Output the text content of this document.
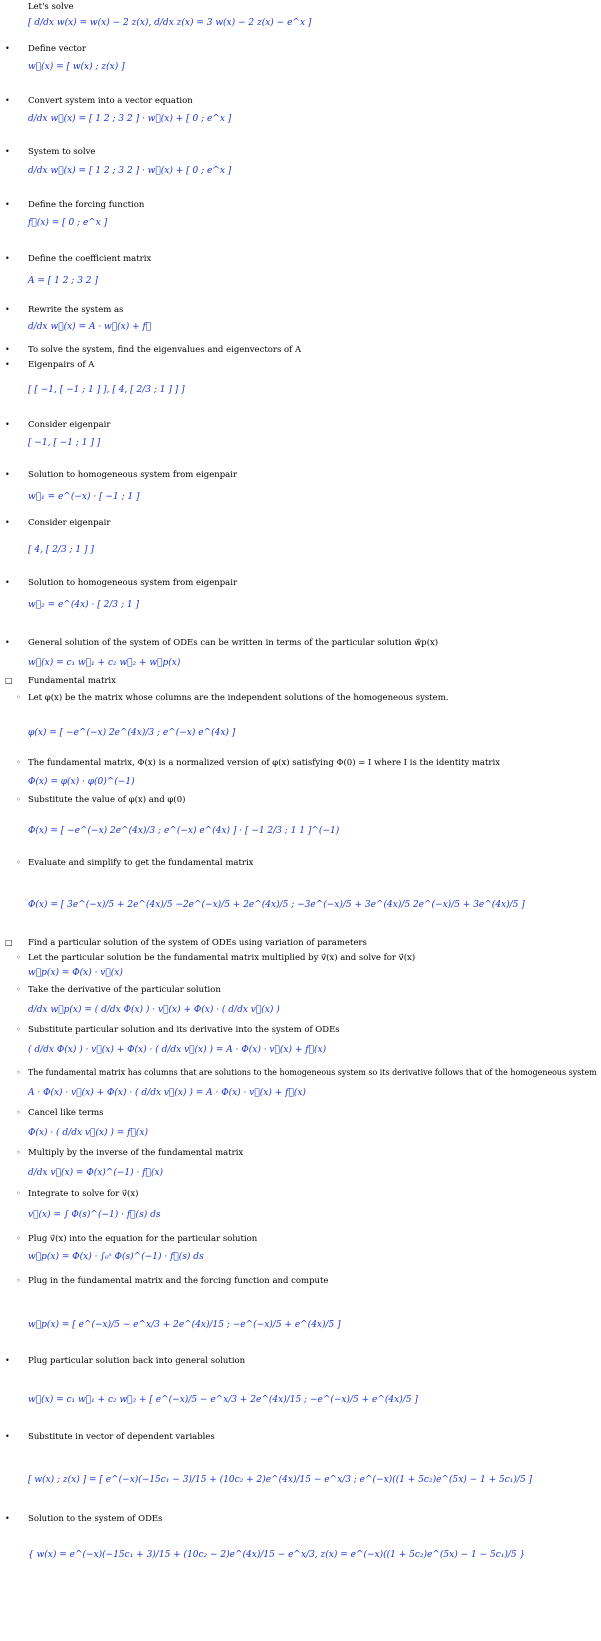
Let's solve
[ d/dx w(x) = w(x) − 2 z(x), d/dx z(x) = 3 w(x) − 2 z(x) − e^x ]
• Define vector
w⃗(x) = [ w(x) ; z(x) ]
• Convert system into a vector equation
d/dx w⃗(x) = [ 1 2 ; 3 2 ] · w⃗(x) + [ 0 ; e^x ]
• System to solve
d/dx w⃗(x) = [ 1 2 ; 3 2 ] · w⃗(x) + [ 0 ; e^x ]
• Define the forcing function
f⃗(x) = [ 0 ; e^x ]
• Define the coefficient matrix
A = [ 1 2 ; 3 2 ]
• Rewrite the system as
d/dx w⃗(x) = A · w⃗(x) + f⃗
• To solve the system, find the eigenvalues and eigenvectors of A
• Eigenpairs of A
[ [ −1, [ −1 ; 1 ] ], [ 4, [ 2/3 ; 1 ] ] ]
• Consider eigenpair
[ −1, [ −1 ; 1 ] ]
• Solution to homogeneous system from eigenpair
w⃗₁ = e^(−x) · [ −1 ; 1 ]
• Consider eigenpair
[ 4, [ 2/3 ; 1 ] ]
• Solution to homogeneous system from eigenpair
w⃗₂ = e^(4x) · [ 2/3 ; 1 ]
• General solution of the system of ODEs can be written in terms of the particular solution w⃗p(x)
w⃗(x) = c₁ w⃗₁ + c₂ w⃗₂ + w⃗p(x)
□ Fundamental matrix
◦ Let φ(x) be the matrix whose columns are the independent solutions of the homogeneous system.
φ(x) = [ −e^(−x) 2e^(4x)/3 ; e^(−x) e^(4x) ]
◦ The fundamental matrix, Φ(x) is a normalized version of φ(x) satisfying Φ(0) = I where I is the identity matrix
Φ(x) = φ(x) · φ(0)^(−1)
◦ Substitute the value of φ(x) and φ(0)
Φ(x) = [ −e^(−x) 2e^(4x)/3 ; e^(−x) e^(4x) ] · [ −1 2/3 ; 1 1 ]^(−1)
◦ Evaluate and simplify to get the fundamental matrix
Φ(x) = [ 3e^(−x)/5 + 2e^(4x)/5 −2e^(−x)/5 + 2e^(4x)/5 ; −3e^(−x)/5 + 3e^(4x)/5 2e^(−x)/5 + 3e^(4x)/5 ]
□ Find a particular solution of the system of ODEs using variation of parameters
◦ Let the particular solution be the fundamental matrix multiplied by v⃗(x) and solve for v⃗(x)
w⃗p(x) = Φ(x) · v⃗(x)
◦ Take the derivative of the particular solution
d/dx w⃗p(x) = ( d/dx Φ(x) ) · v⃗(x) + Φ(x) · ( d/dx v⃗(x) )
◦ Substitute particular solution and its derivative into the system of ODEs
( d/dx Φ(x) ) · v⃗(x) + Φ(x) · ( d/dx v⃗(x) ) = A · Φ(x) · v⃗(x) + f⃗(x)
◦ The fundamental matrix has columns that are solutions to the homogeneous system so its derivative follows that of the homogeneous system
A · Φ(x) · v⃗(x) + Φ(x) · ( d/dx v⃗(x) ) = A · Φ(x) · v⃗(x) + f⃗(x)
◦ Cancel like terms
Φ(x) · ( d/dx v⃗(x) ) = f⃗(x)
◦ Multiply by the inverse of the fundamental matrix
d/dx v⃗(x) = Φ(x)^(−1) · f⃗(x)
◦ Integrate to solve for v⃗(x)
v⃗(x) = ∫ Φ(s)^(−1) · f⃗(s) ds
◦ Plug v⃗(x) into the equation for the particular solution
w⃗p(x) = Φ(x) · ∫₀ˣ Φ(s)^(−1) · f⃗(s) ds
◦ Plug in the fundamental matrix and the forcing function and compute
w⃗p(x) = [ e^(−x)/5 − e^x/3 + 2e^(4x)/15 ; −e^(−x)/5 + e^(4x)/5 ]
• Plug particular solution back into general solution
w⃗(x) = c₁ w⃗₁ + c₂ w⃗₂ + [ e^(−x)/5 − e^x/3 + 2e^(4x)/15 ; −e^(−x)/5 + e^(4x)/5 ]
• Substitute in vector of dependent variables
[ w(x) ; z(x) ] = [ e^(−x)(−15c₁ − 3)/15 + (10c₂ + 2)e^(4x)/15 − e^x/3 ; e^(−x)((1 + 5c₂)e^(5x) − 1 + 5c₁)/5 ]
• Solution to the system of ODEs
{ w(x) = e^(−x)(−15c₁ + 3)/15 + (10c₂ − 2)e^(4x)/15 − e^x/3, z(x) = e^(−x)((1 + 5c₂)e^(5x) − 1 − 5c₁)/5 }
